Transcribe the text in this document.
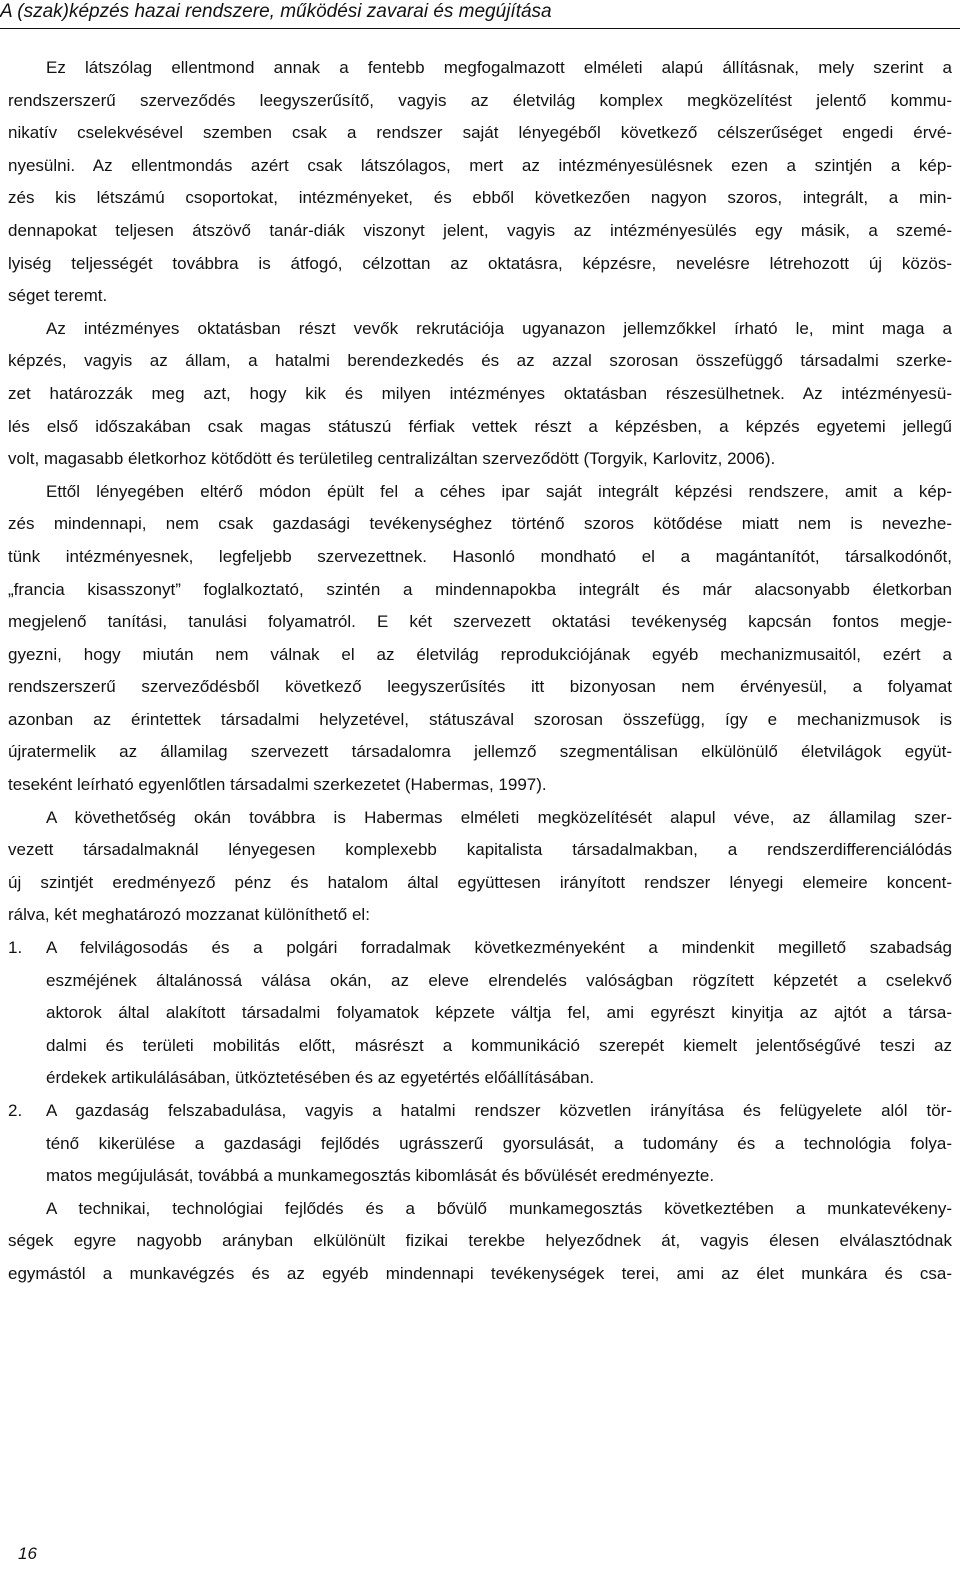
A (szak)képzés hazai rendszere, működési zavarai és megújítása
Ez látszólag ellentmond annak a fentebb megfogalmazott elméleti alapú állításnak, mely szerint a
rendszerszerű szerveződés leegyszerűsítő, vagyis az életvilág komplex megközelítést jelentő kommu-
nikatív cselekvésével szemben csak a rendszer saját lényegéből következő célszerűséget engedi érvé-
nyesülni. Az ellentmondás azért csak látszólagos, mert az intézményesülésnek ezen a szintjén a kép-
zés kis létszámú csoportokat, intézményeket, és ebből következően nagyon szoros, integrált, a min-
dennapokat teljesen átszövő tanár-diák viszonyt jelent, vagyis az intézményesülés egy másik, a szemé-
lyiség teljességét továbbra is átfogó, célzottan az oktatásra, képzésre, nevelésre létrehozott új közös-
séget teremt.
Az intézményes oktatásban részt vevők rekrutációja ugyanazon jellemzőkkel írható le, mint maga a
képzés, vagyis az állam, a hatalmi berendezkedés és az azzal szorosan összefüggő társadalmi szerke-
zet határozzák meg azt, hogy kik és milyen intézményes oktatásban részesülhetnek. Az intézményesü-
lés első időszakában csak magas státuszú férfiak vettek részt a képzésben, a képzés egyetemi jellegű
volt, magasabb életkorhoz kötődött és területileg centralizáltan szerveződött (Torgyik, Karlovitz, 2006).
Ettől lényegében eltérő módon épült fel a céhes ipar saját integrált képzési rendszere, amit a kép-
zés mindennapi, nem csak gazdasági tevékenységhez történő szoros kötődése miatt nem is nevezhe-
tünk intézményesnek, legfeljebb szervezettnek. Hasonló mondható el a magántanítót, társalkodónőt,
„francia kisasszonyt” foglalkoztató, szintén a mindennapokba integrált és már alacsonyabb életkorban
megjelenő tanítási, tanulási folyamatról. E két szervezett oktatási tevékenység kapcsán fontos megje-
gyezni, hogy miután nem válnak el az életvilág reprodukciójának egyéb mechanizmusaitól, ezért a
rendszerszerű szerveződésből következő leegyszerűsítés itt bizonyosan nem érvényesül, a folyamat
azonban az érintettek társadalmi helyzetével, státuszával szorosan összefügg, így e mechanizmusok is
újratermelik az államilag szervezett társadalomra jellemző szegmentálisan elkülönülő életvilágok együt-
teseként leírható egyenlőtlen társadalmi szerkezetet (Habermas, 1997).
A követhetőség okán továbbra is Habermas elméleti megközelítését alapul véve, az államilag szer-
vezett társadalmaknál lényegesen komplexebb kapitalista társadalmakban, a rendszerdifferenciálódás
új szintjét eredményező pénz és hatalom által együttesen irányított rendszer lényegi elemeire koncent-
rálva, két meghatározó mozzanat különíthető el:
1. A felvilágosodás és a polgári forradalmak következményeként a mindenkit megillető szabadság
eszméjének általánossá válása okán, az eleve elrendelés valóságban rögzített képzetét a cselekvő
aktorok által alakított társadalmi folyamatok képzete váltja fel, ami egyrészt kinyitja az ajtót a társa-
dalmi és területi mobilitás előtt, másrészt a kommunikáció szerepét kiemelt jelentőségűvé teszi az
érdekek artikulálásában, ütköztetésében és az egyetértés előállításában.
2. A gazdaság felszabadulása, vagyis a hatalmi rendszer közvetlen irányítása és felügyelete alól tör-
ténő kikerülése a gazdasági fejlődés ugrásszerű gyorsulását, a tudomány és a technológia folya-
matos megújulását, továbbá a munkamegosztás kibomlását és bővülését eredményezte.
A technikai, technológiai fejlődés és a bővülő munkamegosztás következtében a munkatevékeny-
ségek egyre nagyobb arányban elkülönült fizikai terekbe helyeződnek át, vagyis élesen elválasztódnak
egymástól a munkavégzés és az egyéb mindennapi tevékenységek terei, ami az élet munkára és csa-
16
